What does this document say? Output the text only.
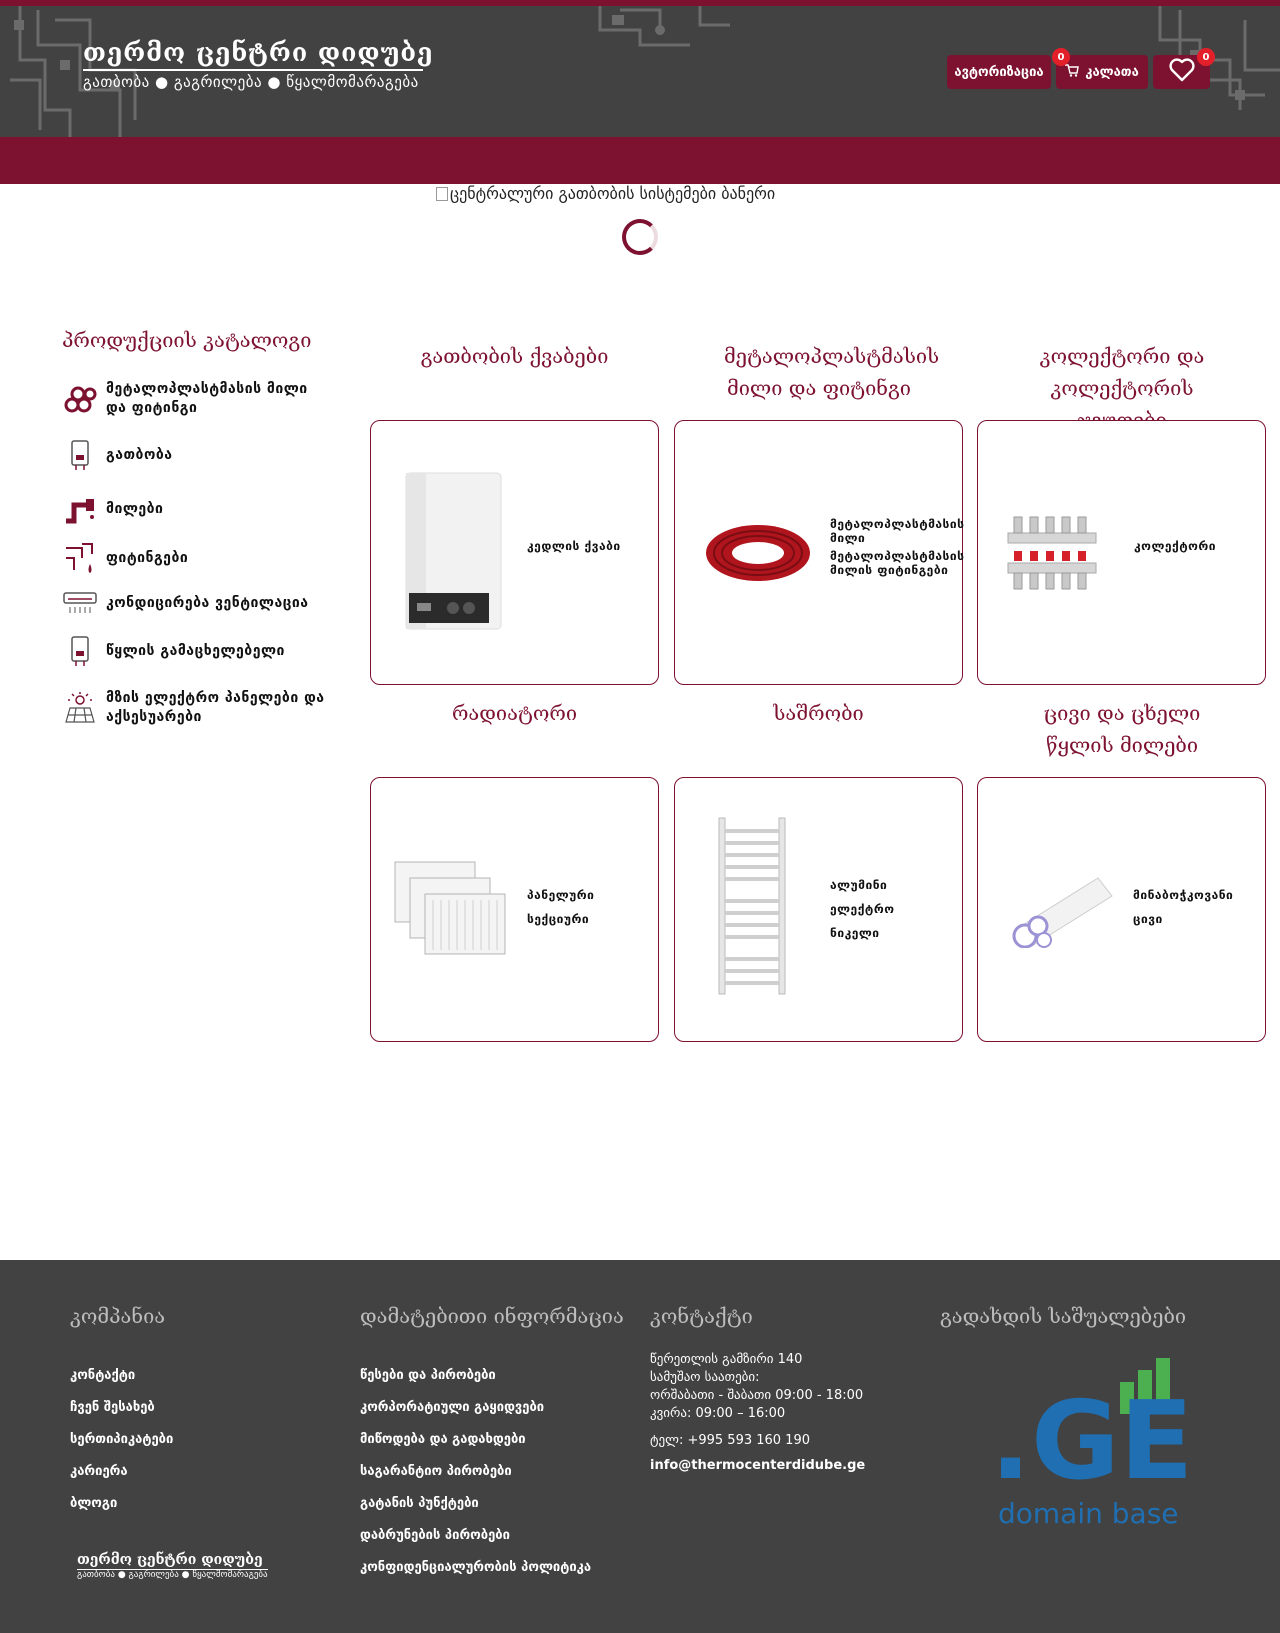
თერმო ცენტრი დიდუბე
გათბობა ● გაგრილება ● წყალმომარაგება
ავტორიზაცია	კალათა
0	0
ცენტრალური გათბობის სისტემები ბანერი
პროდუქციის კატალოგი
მეტალოპლასტმასის მილი და ფიტინგი
გათბობა
მილები
ფიტინგები
კონდიცირება ვენტილაცია
წყლის გამაცხელებელი
მზის ელექტრო პანელები და აქსესუარები
გათბობის ქვაბები	მეტალოპლასტმასის მილი და ფიტინგი
კოლექტორი და კოლექტორის
რადიატორი	საშრობი	ცივი და ცხელი წყლის მილები
კედლის ქვაბი
მეტალოპლასტმასის მილი
მეტალოპლასტმასის მილის ფიტინგები
კოლექტორი
პანელური სექციური
ალუმინი ელექტრო ნიკელი
მინაბოჭკოვანი ცივი
კომპანია
კონტაქტი
ჩვენ შესახებ
სერთიპიკატები
კარიერა
ბლოგი
თერმო ცენტრი დიდუბე
გათბობა ● გაგრილება ● წყალმომარაგება
დამატებითი ინფორმაცია
წესები და პირობები
კორპორატიული გაყიდვები
მიწოდება და გადახდები
საგარანტიო პირობები
გატანის პუნქტები
დაბრუნების პირობები
კონფიდენციალურობის პოლიტიკა
კონტაქტი
წერეთლის გამზირი 140
სამუშაო საათები:
ორშაბათი - შაბათი 09:00 - 18:00
კვირა: 09:00 – 16:00
ტელ: +995 593 160 190
info@thermocenterdidube.ge
გადახდის საშუალებები
.GE
domain base
